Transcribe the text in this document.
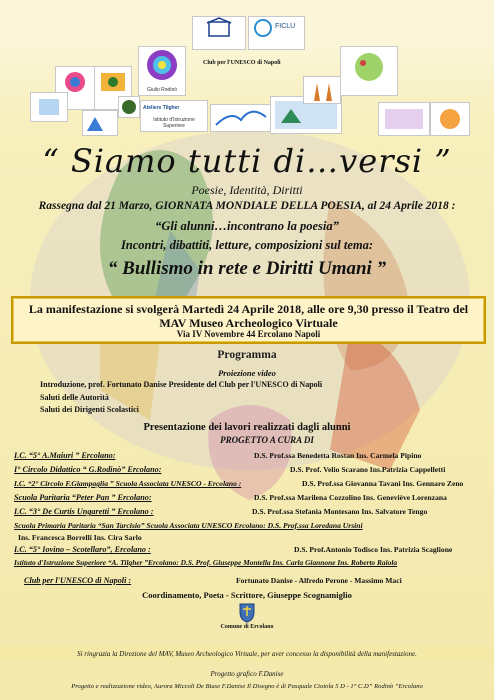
FICLU
Club per l'UNESCO di Napoli
Giulio Rodinò
Ateliers Tilgher
Istituto d'Istruzione Superiore
“ Siamo tutti di…versi ”
Poesie, Identità, Diritti
Rassegna dal 21 Marzo, GIORNATA MONDIALE DELLA POESIA, al 24 Aprile 2018 :
“Gli alunni…incontrano la poesia”
Incontri, dibattiti, letture, composizioni sul tema:
“ Bullismo in rete e Diritti Umani ”
La manifestazione si svolgerà Martedì 24 Aprile 2018, alle ore 9,30 presso il Teatro del
MAV Museo Archeologico Virtuale
Via IV Novembre 44 Ercolano Napoli
Programma
Proiezione video
Introduzione, prof. Fortunato Danise Presidente del Club per l'UNESCO di Napoli
Saluti delle Autorità
Saluti dei Dirigenti Scolastici
Presentazione dei lavori realizzati dagli alunni
PROGETTO A CURA DI
I.C. “5° A.Maiuri ” Ercolano:	D.S. Prof.ssa Benedetta Rostan Ins. Carmela Pipino
I° Circolo Didattico “ G.Rodinò” Ercolano:	D.S. Prof. Velio Scarano Ins.Patrizia Cappelletti
I.C. “2° Circolo F.Giampaglia ” Scuola Associata UNESCO - Ercolano :	D.S. Prof.ssa Giovanna Tavani Ins. Gennaro Zeno
Scuola Paritaria “Peter Pan ” Ercolano:	D.S. Prof.ssa Marilena Cozzolino Ins. Geneviève Lorenzana
I.C. “3° De Curtis Ungaretti ” Ercolano :	D.S. Prof.ssa Stefania Montesano Ins. Salvatore Tengo
Scuola Primaria Paritaria “San Tarcisio” Scuola Associata UNESCO Ercolano: D.S. Prof.ssa Loredana Ursini
Ins. Francesca Borrelli Ins. Cira Sarlo
I.C. “5° Iovino – Scotellaro”, Ercolano :	D.S. Prof.Antonio Todisco Ins. Patrizia Scaglione
Istituto d'Istruzione Superiore “A. Tilgher ”Ercolano: D.S. Prof. Giuseppe Montella Ins. Carla Giannone Ins. Roberto Raiola
Club per l'UNESCO di Napoli :	Fortunato Danise - Alfredo Perone - Massimo Maci
Coordinamento, Poeta - Scrittore, Giuseppe Scognamiglio
Comune di Ercolano
Si ringrazia la Direzione del MAV, Museo Archeologico Virtuale, per aver concesso la disponibilità della manifestazione.
Progetto grafico F.Danise
Progetto e realizzazione video, Aurora Miccoli De Biase F.Danise Il Disegno è di Pasquale Ciotola 5 D - 1° C.D” Rodinò ”Ercolano
